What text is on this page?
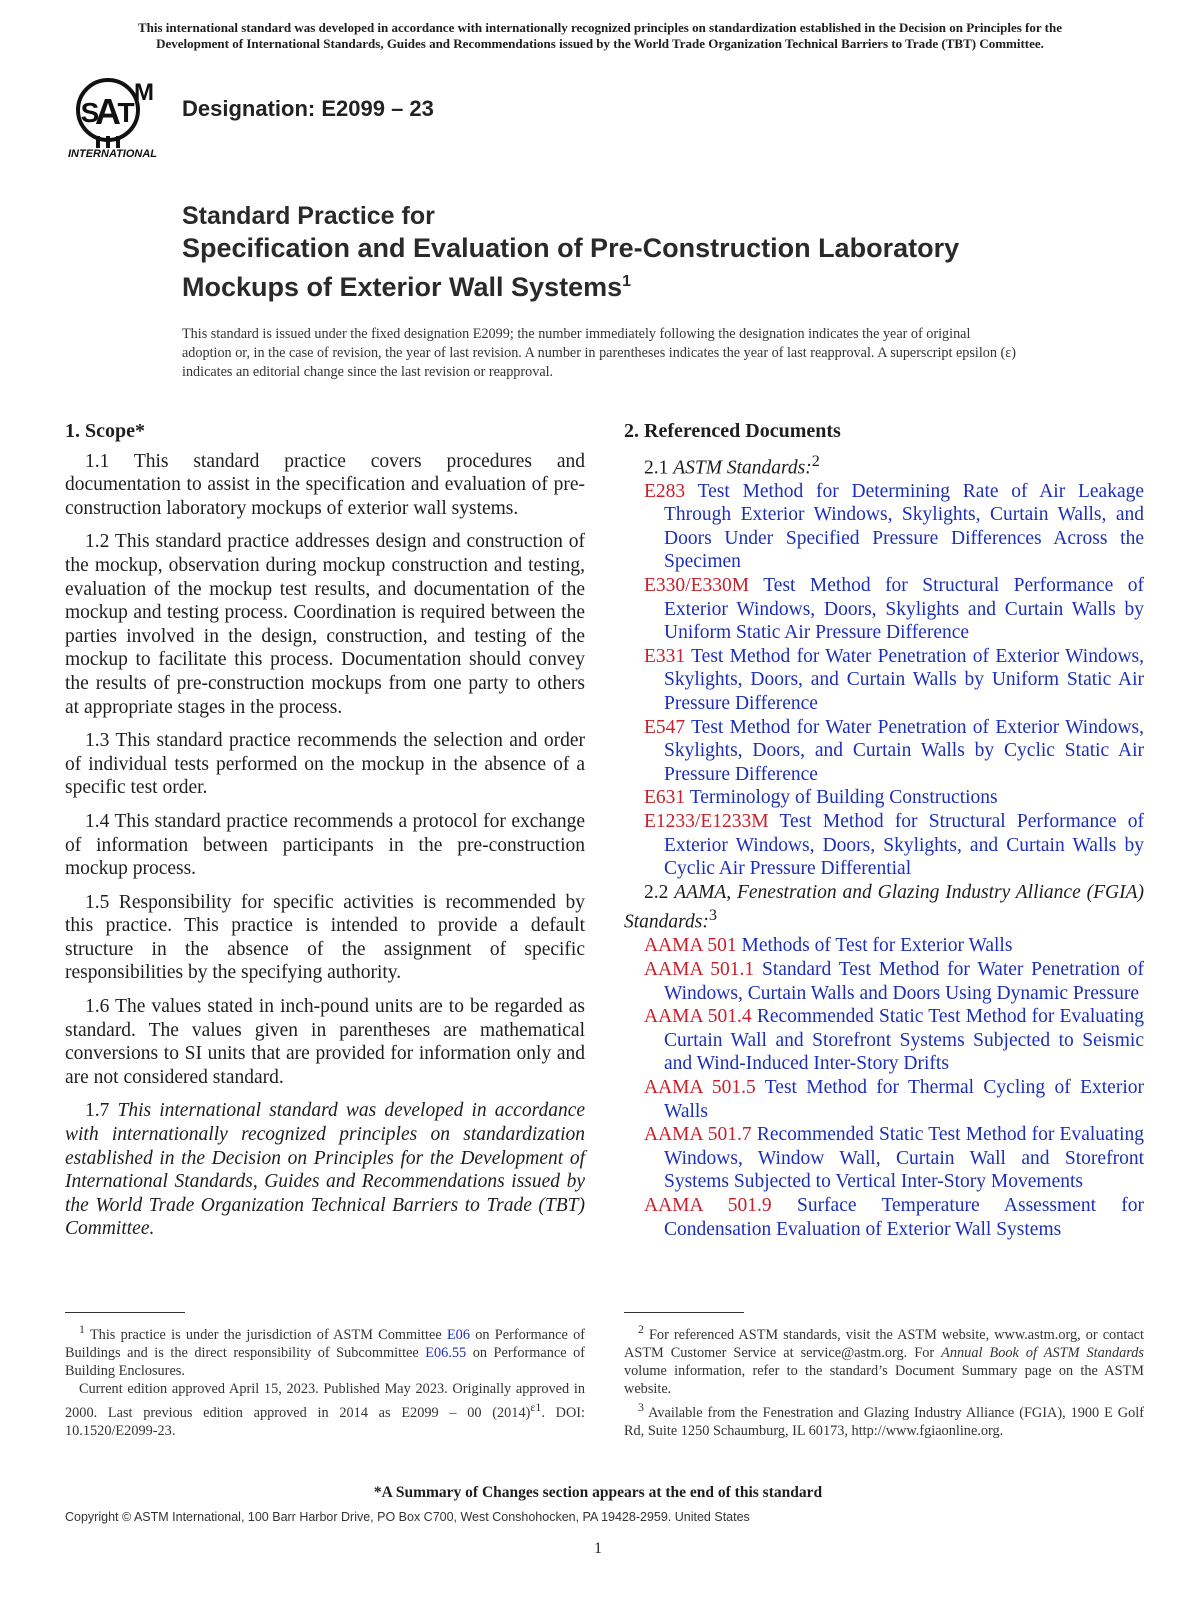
This international standard was developed in accordance with internationally recognized principles on standardization established in the Decision on Principles for the
Development of International Standards, Guides and Recommendations issued by the World Trade Organization Technical Barriers to Trade (TBT) Committee.
A
S T
M
INTERNATIONAL
Designation: E2099 – 23
Standard Practice for
Specification and Evaluation of Pre-Construction Laboratory
Mockups of Exterior Wall Systems$^1$
This standard is issued under the fixed designation E2099; the number immediately following the designation indicates the year of original adoption or, in the case of revision, the year of last revision. A number in parentheses indicates the year of last reapproval. A superscript epsilon (ε) indicates an editorial change since the last revision or reapproval.
1. Scope*

1.1 This standard practice covers procedures and documentation to assist in the specification and evaluation of pre-construction laboratory mockups of exterior wall systems.

1.2 This standard practice addresses design and construction of the mockup, observation during mockup construction and testing, evaluation of the mockup test results, and documentation of the mockup and testing process. Coordination is required between the parties involved in the design, construction, and testing of the mockup to facilitate this process. Documentation should convey the results of pre-construction mockups from one party to others at appropriate stages in the process.

1.3 This standard practice recommends the selection and order of individual tests performed on the mockup in the absence of a specific test order.

1.4 This standard practice recommends a protocol for exchange of information between participants in the pre-construction mockup process.

1.5 Responsibility for specific activities is recommended by this practice. This practice is intended to provide a default structure in the absence of the assignment of specific responsibilities by the specifying authority.

1.6 The values stated in inch-pound units are to be regarded as standard. The values given in parentheses are mathematical conversions to SI units that are provided for information only and are not considered standard.

1.7 This international standard was developed in accordance with internationally recognized principles on standardization established in the Decision on Principles for the Development of International Standards, Guides and Recommendations issued by the World Trade Organization Technical Barriers to Trade (TBT) Committee.

2. Referenced Documents
2.1 ASTM Standards:$^2$

E283 Test Method for Determining Rate of Air Leakage Through Exterior Windows, Skylights, Curtain Walls, and Doors Under Specified Pressure Differences Across the Specimen

E330/E330M Test Method for Structural Performance of Exterior Windows, Doors, Skylights and Curtain Walls by Uniform Static Air Pressure Difference

E331 Test Method for Water Penetration of Exterior Windows, Skylights, Doors, and Curtain Walls by Uniform Static Air Pressure Difference

E547 Test Method for Water Penetration of Exterior Windows, Skylights, Doors, and Curtain Walls by Cyclic Static Air Pressure Difference

E631 Terminology of Building Constructions

E1233/E1233M Test Method for Structural Performance of Exterior Windows, Doors, Skylights, and Curtain Walls by Cyclic Air Pressure Differential

2.2 AAMA, Fenestration and Glazing Industry Alliance (FGIA) Standards:$^3$

AAMA 501 Methods of Test for Exterior Walls

AAMA 501.1 Standard Test Method for Water Penetration of Windows, Curtain Walls and Doors Using Dynamic Pressure

AAMA 501.4 Recommended Static Test Method for Evaluating Curtain Wall and Storefront Systems Subjected to Seismic and Wind-Induced Inter-Story Drifts

AAMA 501.5 Test Method for Thermal Cycling of Exterior Walls

AAMA 501.7 Recommended Static Test Method for Evaluating Windows, Window Wall, Curtain Wall and Storefront Systems Subjected to Vertical Inter-Story Movements

AAMA 501.9 Surface Temperature Assessment for Condensation Evaluation of Exterior Wall Systems

$^1$ This practice is under the jurisdiction of ASTM Committee E06 on Performance of Buildings and is the direct responsibility of Subcommittee E06.55 on Performance of Building Enclosures.

Current edition approved April 15, 2023. Published May 2023. Originally approved in 2000. Last previous edition approved in 2014 as E2099 – 00 $(2014)^{\varepsilon 1}$. DOI: 10.1520/E2099-23.

$^2$ For referenced ASTM standards, visit the ASTM website, www.astm.org, or contact ASTM Customer Service at service@astm.org. For Annual Book of ASTM Standards volume information, refer to the standard’s Document Summary page on the ASTM website.

$^3$ Available from the Fenestration and Glazing Industry Alliance (FGIA), 1900 E Golf Rd, Suite 1250 Schaumburg, IL 60173, http://www.fgiaonline.org.

*A Summary of Changes section appears at the end of this standard
Copyright © ASTM International, 100 Barr Harbor Drive, PO Box C700, West Conshohocken, PA 19428-2959. United States
1
